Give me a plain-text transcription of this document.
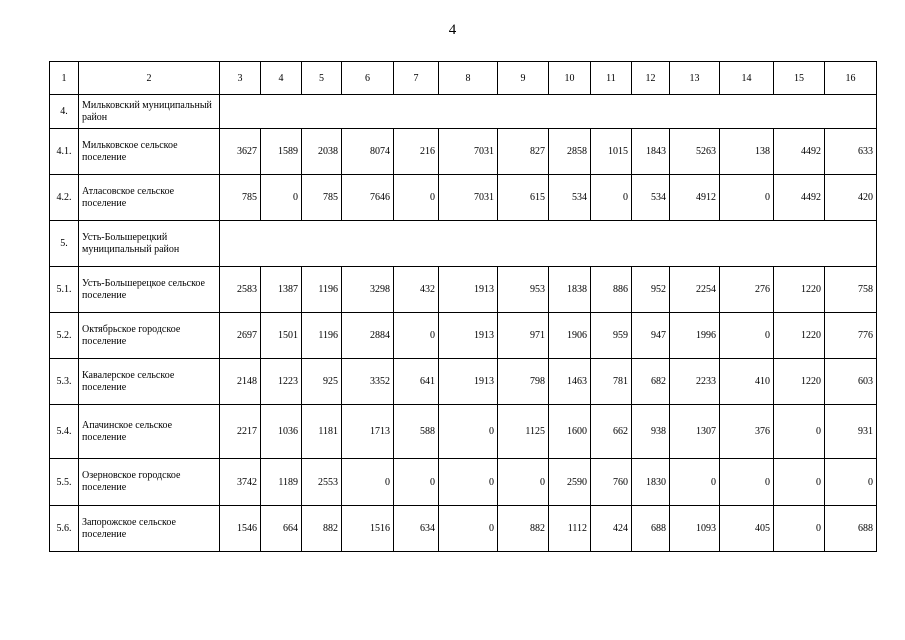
4
1	2	3	4	5	6	7	8	9	10	11	12	13	14	15	16
4.	Мильковский муниципальный район														
4.1.	Мильковское сельское поселение	3627	1589	2038	8074	216	7031	827	2858	1015	1843	5263	138	4492	633
4.2.	Атласовское сельское поселение	785	0	785	7646	0	7031	615	534	0	534	4912	0	4492	420
5.	Усть-Большерецкий муниципальный район														
5.1.	Усть-Большерецкое сельское поселение	2583	1387	1196	3298	432	1913	953	1838	886	952	2254	276	1220	758
5.2.	Октябрьское городское поселение	2697	1501	1196	2884	0	1913	971	1906	959	947	1996	0	1220	776
5.3.	Кавалерское сельское поселение	2148	1223	925	3352	641	1913	798	1463	781	682	2233	410	1220	603
5.4.	Апачинское сельское поселение	2217	1036	1181	1713	588	0	1125	1600	662	938	1307	376	0	931
5.5.	Озерновское городское поселение	3742	1189	2553	0	0	0	0	2590	760	1830	0	0	0	0
5.6.	Запорожское сельское поселение	1546	664	882	1516	634	0	882	1112	424	688	1093	405	0	688
